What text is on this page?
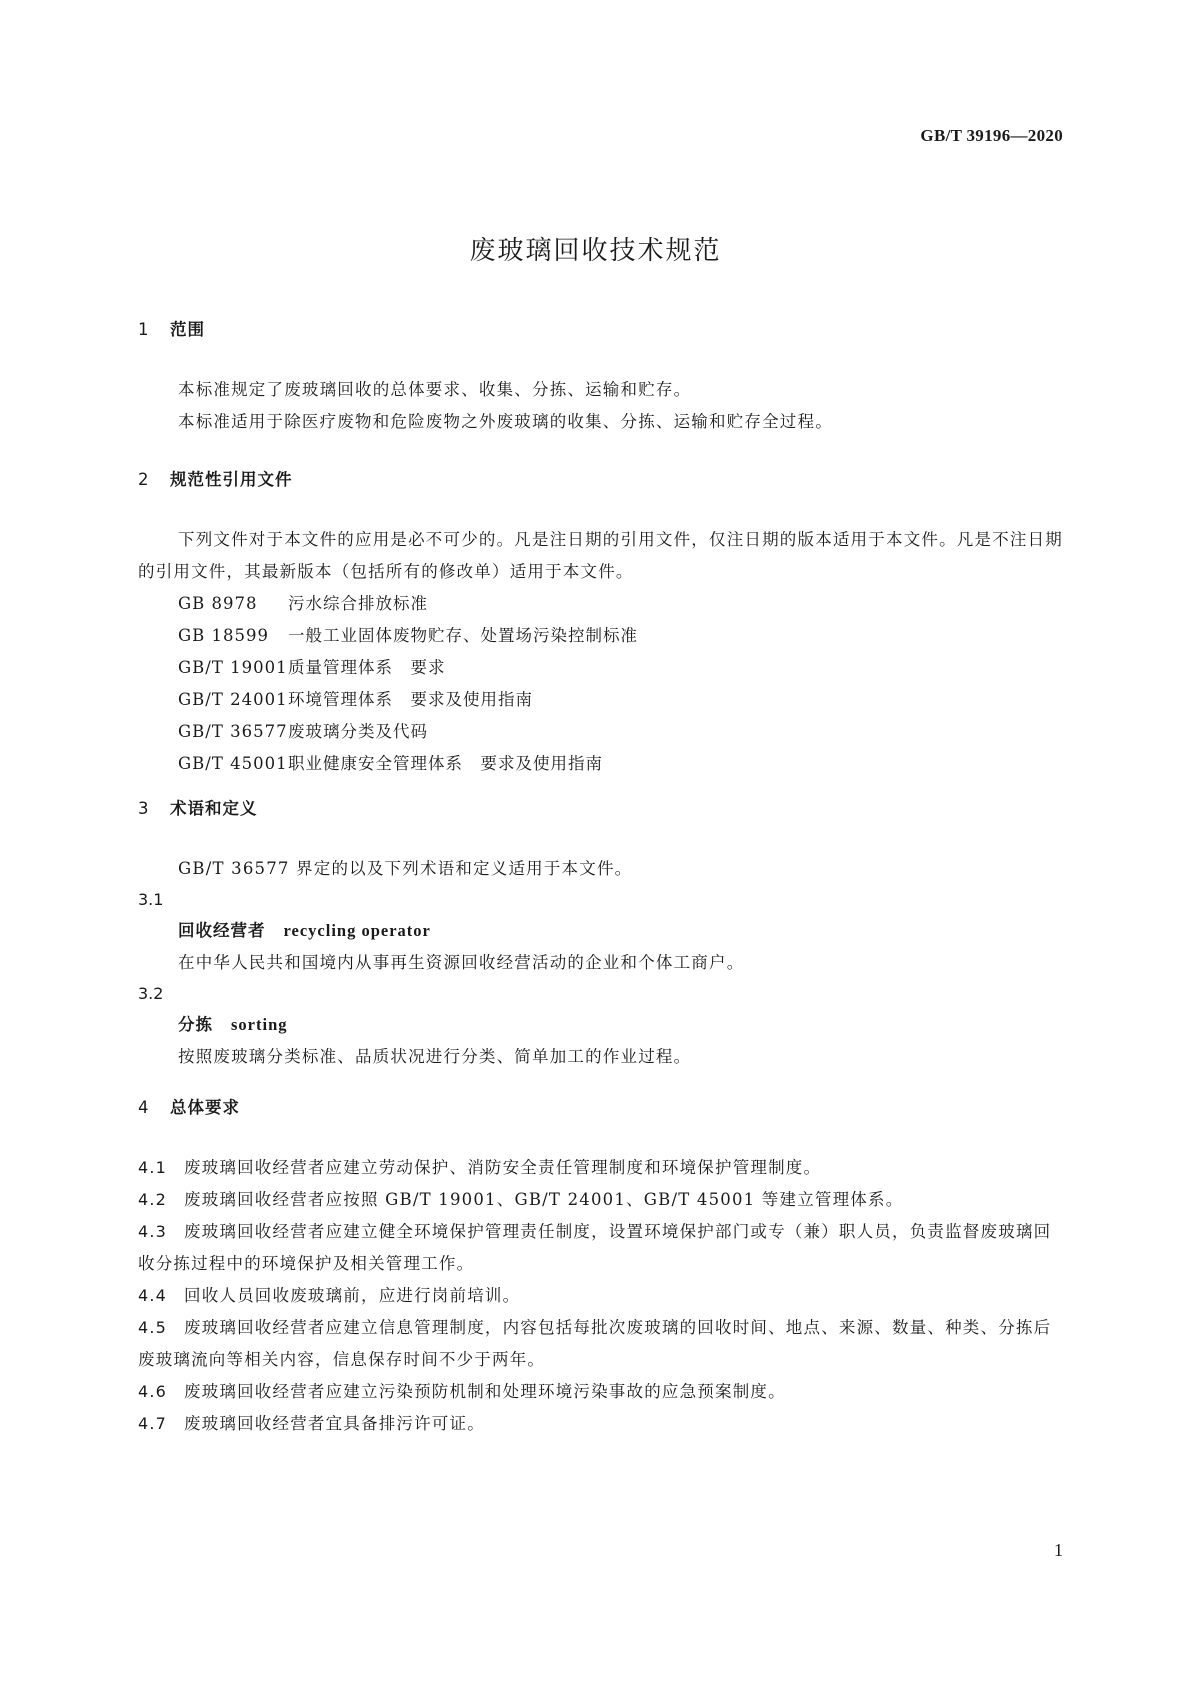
GB/T 39196—2020
废玻璃回收技术规范
1 范围

本标准规定了废玻璃回收的总体要求、收集、分拣、运输和贮存。

本标准适用于除医疗废物和危险废物之外废玻璃的收集、分拣、运输和贮存全过程。

2 规范性引用文件

下列文件对于本文件的应用是必不可少的。凡是注日期的引用文件，仅注日期的版本适用于本文件。凡是不注日期的引用文件，其最新版本（包括所有的修改单）适用于本文件。

GB 8978 污水综合排放标准
GB 18599 一般工业固体废物贮存、处置场污染控制标准
GB/T 19001质量管理体系　要求
GB/T 24001环境管理体系　要求及使用指南
GB/T 36577废玻璃分类及代码
GB/T 45001职业健康安全管理体系　要求及使用指南
3 术语和定义

GB/T 36577 界定的以及下列术语和定义适用于本文件。

3.1
回收经营者 recycling operator
在中华人民共和国境内从事再生资源回收经营活动的企业和个体工商户。
3.2
分拣 sorting
按照废玻璃分类标准、品质状况进行分类、简单加工的作业过程。
4 总体要求

4.1 废玻璃回收经营者应建立劳动保护、消防安全责任管理制度和环境保护管理制度。

4.2 废玻璃回收经营者应按照 GB/T 19001、GB/T 24001、GB/T 45001 等建立管理体系。

4.3 废玻璃回收经营者应建立健全环境保护管理责任制度，设置环境保护部门或专（兼）职人员，负责监督废玻璃回收分拣过程中的环境保护及相关管理工作。

4.4 回收人员回收废玻璃前，应进行岗前培训。

4.5 废玻璃回收经营者应建立信息管理制度，内容包括每批次废玻璃的回收时间、地点、来源、数量、种类、分拣后废玻璃流向等相关内容，信息保存时间不少于两年。

4.6 废玻璃回收经营者应建立污染预防机制和处理环境污染事故的应急预案制度。

4.7 废玻璃回收经营者宜具备排污许可证。

1
